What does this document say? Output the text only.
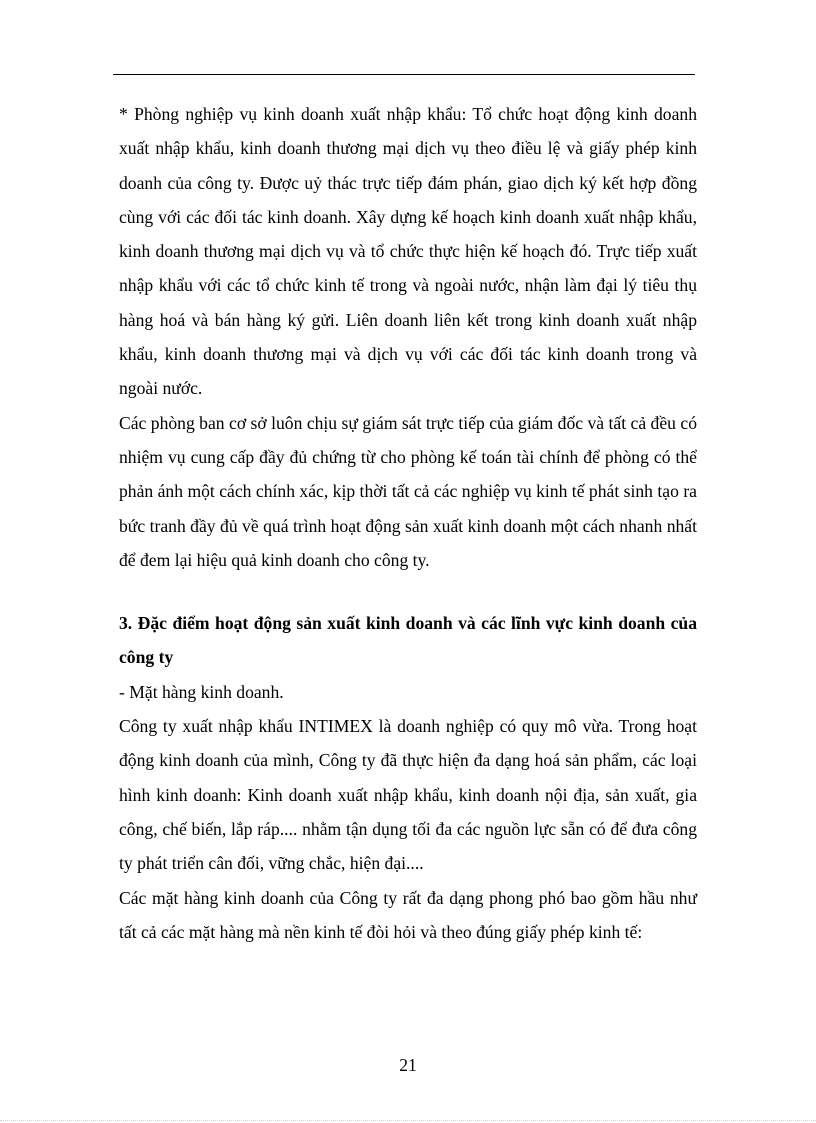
* Phòng nghiệp vụ kinh doanh xuất nhập khẩu: Tổ chức hoạt động kinh doanh xuất nhập khẩu, kinh doanh thương mại dịch vụ theo điều lệ và giấy phép kinh doanh của công ty. Được uỷ thác trực tiếp đám phán, giao dịch ký kết hợp đồng cùng với các đối tác kinh doanh. Xây dựng kế hoạch kinh doanh xuất nhập khẩu, kinh doanh thương mại dịch vụ và tổ chức thực hiện kế hoạch đó. Trực tiếp xuất nhập khẩu với các tổ chức kinh tế trong và ngoài nước, nhận làm đại lý tiêu thụ hàng hoá và bán hàng ký gửi. Liên doanh liên kết trong kinh doanh xuất nhập khẩu, kinh doanh thương mại và dịch vụ với các đối tác kinh doanh trong và ngoài nước.

Các phòng ban cơ sở luôn chịu sự giám sát trực tiếp của giám đốc và tất cả đều có nhiệm vụ cung cấp đầy đủ chứng từ cho phòng kế toán tài chính để phòng có thể phản ánh một cách chính xác, kịp thời tất cả các nghiệp vụ kinh tế phát sinh tạo ra bức tranh đầy đủ về quá trình hoạt động sản xuất kinh doanh một cách nhanh nhất để đem lại hiệu quả kinh doanh cho công ty.

3. Đặc điểm hoạt động sản xuất kinh doanh và các lĩnh vực kinh doanh của công ty

- Mặt hàng kinh doanh.

Công ty xuất nhập khẩu INTIMEX là doanh nghiệp có quy mô vừa. Trong hoạt động kinh doanh của mình, Công ty đã thực hiện đa dạng hoá sản phẩm, các loại hình kinh doanh: Kinh doanh xuất nhập khẩu, kinh doanh nội địa, sản xuất, gia công, chế biến, lắp ráp.... nhằm tận dụng tối đa các nguồn lực sẵn có để đưa công ty phát triển cân đối, vững chắc, hiện đại....

Các mặt hàng kinh doanh của Công ty rất đa dạng phong phó bao gồm hầu như tất cả các mặt hàng mà nền kinh tế đòi hỏi và theo đúng giấy phép kinh tế:

21
